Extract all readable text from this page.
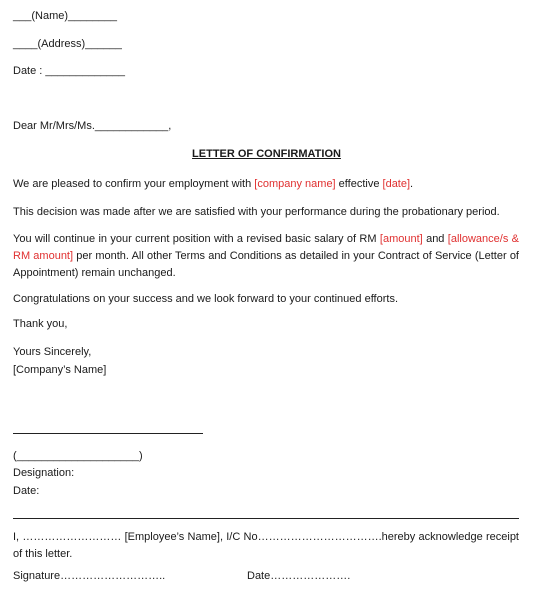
___(Name)________
____(Address)______
Date : _____________
Dear Mr/Mrs/Ms.____________,
LETTER OF CONFIRMATION
We are pleased to confirm your employment with [company name] effective [date].
This decision was made after we are satisfied with your performance during the probationary period.
You will continue in your current position with a revised basic salary of RM [amount] and [allowance/s & RM amount] per month. All other Terms and Conditions as detailed in your Contract of Service (Letter of Appointment) remain unchanged.
Congratulations on your success and we look forward to your continued efforts.
Thank you,
Yours Sincerely,
[Company’s Name]
(____________________)
Designation:
Date:
I, ……………………… [Employee’s Name], I/C No…………………………….hereby acknowledge receipt of this letter.
Signature………………………..	Date………………….
